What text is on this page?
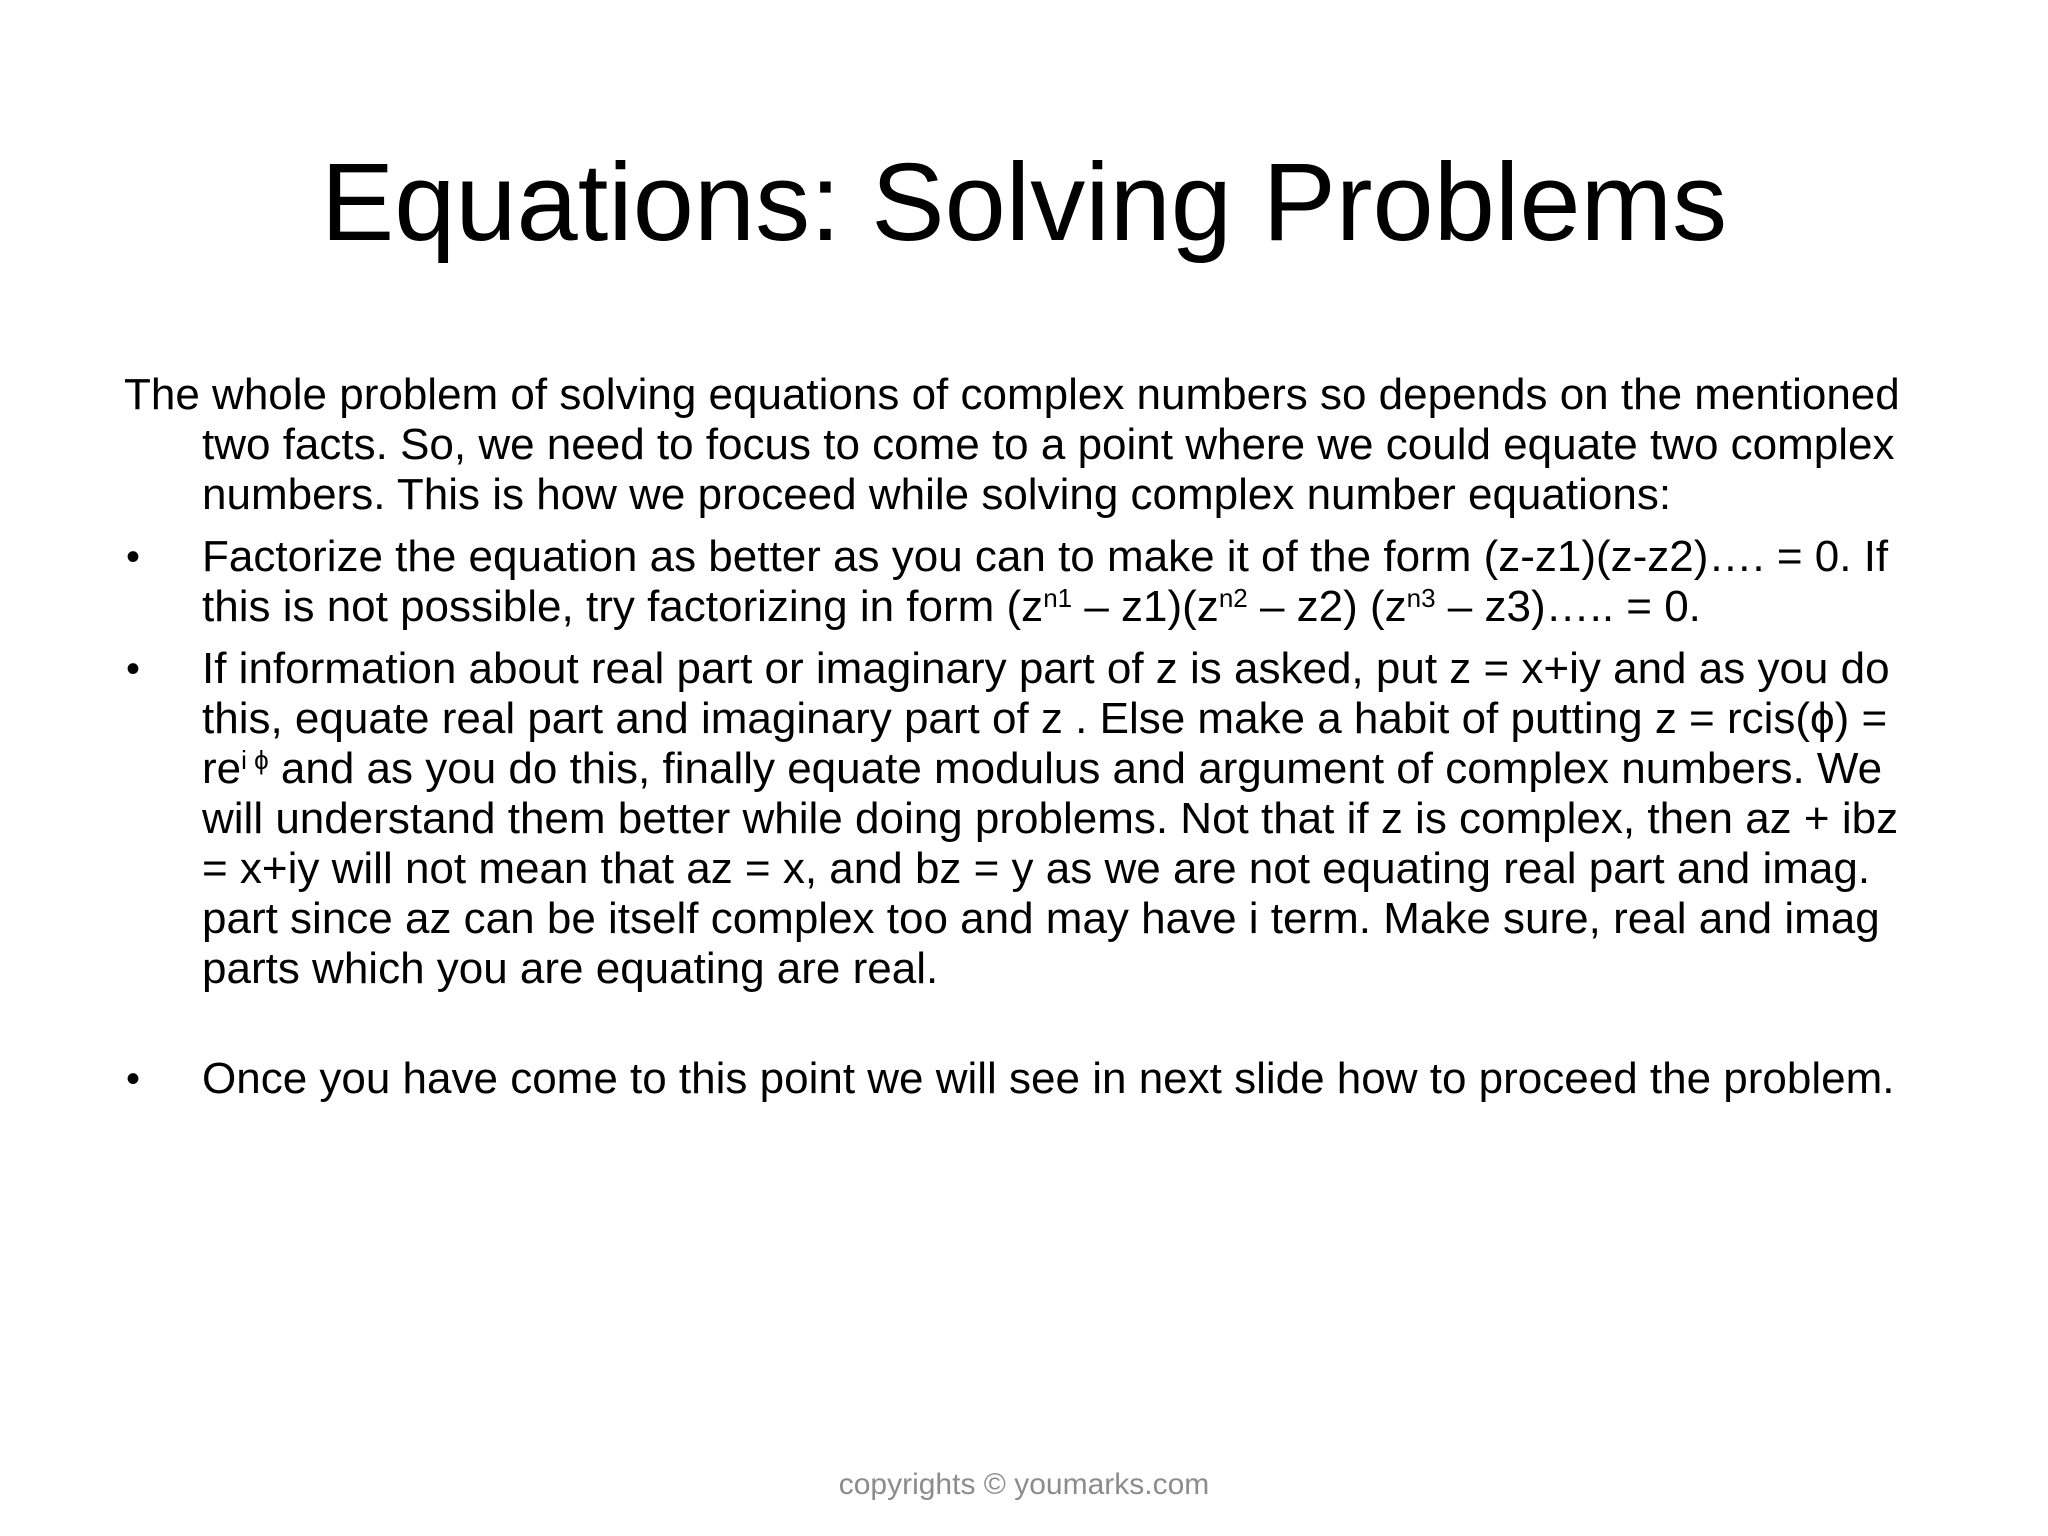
Equations: Solving Problems

The whole problem of solving equations of complex numbers so depends on the mentioned two facts. So, we need to focus to come to a point where we could equate two complex numbers. This is how we proceed while solving complex number equations:

•	Factorize the equation as better as you can to make it of the form (z-z1)(z-z2)…. = 0. If this is not possible, try factorizing in form $(z^{n1} - z1)(z^{n2} - z2)$ ($z^{n3}$ – z3)….. = 0.
•	If information about real part or imaginary part of z is asked, put z = x+iy and as you do this, equate real part and imaginary part of z . Else make a habit of putting z = rcis(ϕ) = $re^{i \phi}$ and as you do this, finally equate modulus and argument of complex numbers. We will understand them better while doing problems. Not that if z is complex, then az + ibz = x+iy will not mean that az = x, and bz = y as we are not equating real part and imag. part since az can be itself complex too and may have i term. Make sure, real and imag parts which you are equating are real.
•	Once you have come to this point we will see in next slide how to proceed the problem.
copyrights © youmarks.com
